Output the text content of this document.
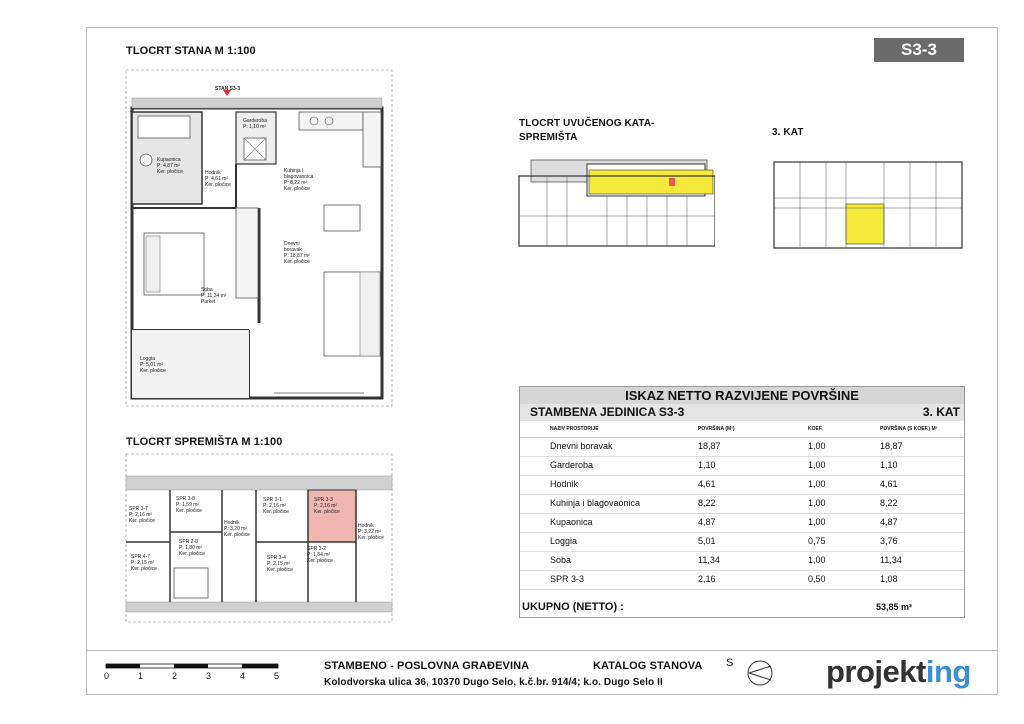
S3-3
TLOCRT STANA M 1:100
TLOCRT SPREMIŠTA M 1:100
TLOCRT UVUČENOG KATA-
SPREMIŠTA	3. KAT
STAN S3-3
Garderoba
P: 1,10 m²
Kupaonica
P: 4,87 m²
Ker. pločice	Hodnik
P: 4,61 m²
Ker. pločice
Kuhinja i
blagovaonica
P: 8,22 m²
Ker. pločice
Dnevni
boravak
P: 18,87 m²
Ker. pločice
Soba
P: 11,34 m²
Parket
Loggia
P: 5,01 m²
Ker. pločice
SPR 3-7
P: 2,16 m²
Ker. pločice
SPR 3-8
P: 1,59 m²
Ker. pločice
SPR 2-8
P: 1,80 m²
Ker. pločice
SPR 4-7
P: 2,15 m²
Ker. pločice
Hodnik
P: 3,20 m²
Ker. pločice
SPR 3-1
P: 2,16 m²
Ker. pločice
SPR 3-3
P: 2,16 m²
Ker. pločice
Hodnik
P: 3,22 m²
Ker. pločice
SPR 3-4
P: 2,15 m²
Ker. pločice
SPR 3-2
P: 1,84 m²
Ker. pločice
ISKAZ NETTO RAZVIJENE POVRŠINE
STAMBENA JEDINICA S3-3	3. KAT
NAZIV PROSTORIJE	POVRŠINA (M²)	KOEF.	POVRŠINA (S KOEF.) M²
Dnevni boravak	18,87	1,00	18,87
Garderoba	1,10	1,00	1,10
Hodnik	4,61	1,00	4,61
Kuhinja i blagovaonica	8,22	1,00	8,22
Kupaonica	4,87	1,00	4,87
Loggia	5,01	0,75	3,76
Soba	11,34	1,00	11,34
SPR 3-3	2,16	0,50	1,08
UKUPNO (NETTO) :	53,85 m²
0	1	2	3	4	5
STAMBENO - POSLOVNA GRAĐEVINA	KATALOG STANOVA
Kolodvorska ulica 36, 10370 Dugo Selo, k.č.br. 914/4; k.o. Dugo Selo II
S	projekting
